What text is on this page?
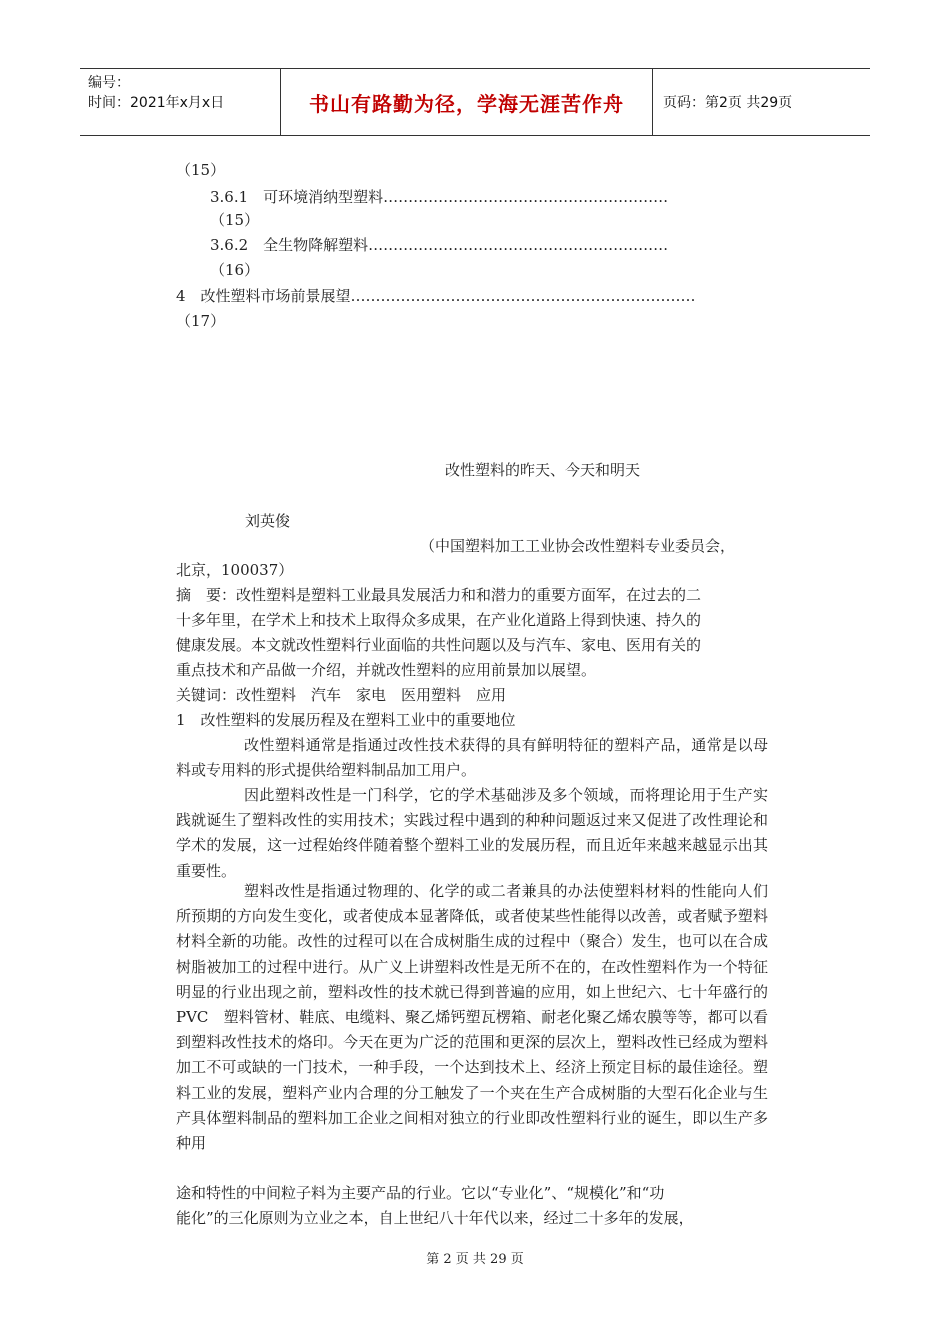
编号：
时间：2021年x月x日	书山有路勤为径，学海无涯苦作舟	页码：第2页 共29页
（15）
3.6.1　可环境消纳型塑料…………………………………………………
（15）
3.6.2　全生物降解塑料……………………………………………………
（16）
4　改性塑料市场前景展望……………………………………………………………
（17）
改性塑料的昨天、今天和明天
刘英俊
（中国塑料加工工业协会改性塑料专业委员会，
北京，100037）
摘　要：改性塑料是塑料工业最具发展活力和和潜力的重要方面军，在过去的二
十多年里，在学术上和技术上取得众多成果，在产业化道路上得到快速、持久的
健康发展。本文就改性塑料行业面临的共性问题以及与汽车、家电、医用有关的
重点技术和产品做一介绍，并就改性塑料的应用前景加以展望。
关键词：改性塑料　汽车　家电　医用塑料　应用
1　改性塑料的发展历程及在塑料工业中的重要地位

改性塑料通常是指通过改性技术获得的具有鲜明特征的塑料产品，通常是以母料或专用料的形式提供给塑料制品加工用户。

因此塑料改性是一门科学，它的学术基础涉及多个领域，而将理论用于生产实践就诞生了塑料改性的实用技术；实践过程中遇到的种种问题返过来又促进了改性理论和学术的发展，这一过程始终伴随着整个塑料工业的发展历程，而且近年来越来越显示出其重要性。

塑料改性是指通过物理的、化学的或二者兼具的办法使塑料材料的性能向人们所预期的方向发生变化，或者使成本显著降低，或者使某些性能得以改善，或者赋予塑料材料全新的功能。改性的过程可以在合成树脂生成的过程中（聚合）发生，也可以在合成树脂被加工的过程中进行。从广义上讲塑料改性是无所不在的，在改性塑料作为一个特征明显的行业出现之前，塑料改性的技术就已得到普遍的应用，如上世纪六、七十年盛行的　PVC　塑料管材、鞋底、电缆料、聚乙烯钙塑瓦楞箱、耐老化聚乙烯农膜等等，都可以看到塑料改性技术的烙印。今天在更为广泛的范围和更深的层次上，塑料改性已经成为塑料加工不可或缺的一门技术，一种手段，一个达到技术上、经济上预定目标的最佳途径。塑料工业的发展，塑料产业内合理的分工触发了一个夹在生产合成树脂的大型石化企业与生产具体塑料制品的塑料加工企业之间相对独立的行业即改性塑料行业的诞生，即以生产多种用

途和特性的中间粒子料为主要产品的行业。它以“专业化”、“规模化”和“功
能化”的三化原则为立业之本，自上世纪八十年代以来，经过二十多年的发展，
第 2 页 共 29 页
